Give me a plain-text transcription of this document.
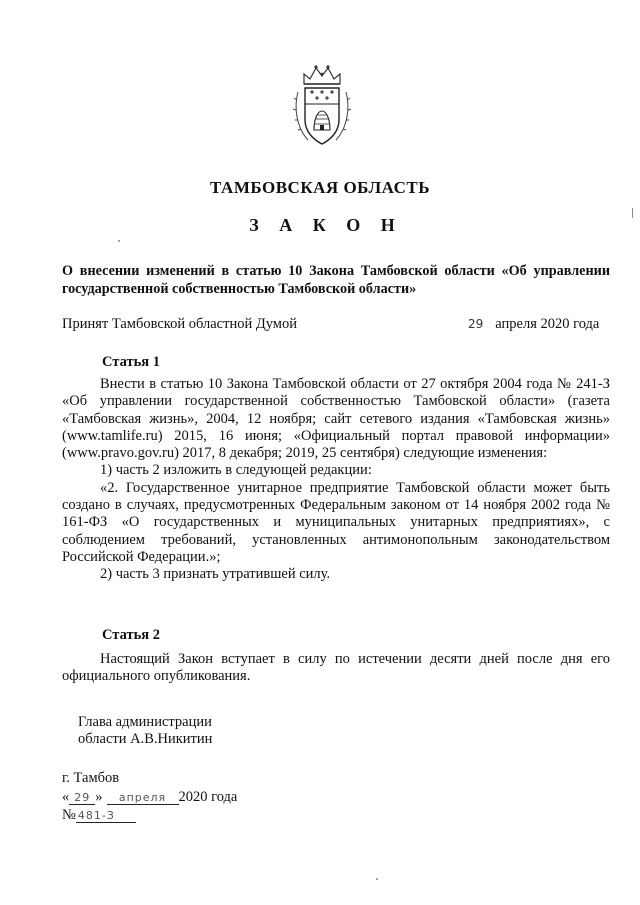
ТАМБОВСКАЯ ОБЛАСТЬ
З А К О Н
О внесении изменений в статью 10 Закона Тамбовской области «Об управлении государственной собственностью Тамбовской области»
Принят Тамбовской областной Думой	29 апреля 2020 года
Статья 1

Внести в статью 10 Закона Тамбовской области от 27 октября 2004 года № 241-З «Об управлении государственной собственностью Тамбовской области» (газета «Тамбовская жизнь», 2004, 12 ноября; сайт сетевого издания «Тамбовская жизнь» (www.tamlife.ru) 2015, 16 июня; «Официальный портал правовой информации» (www.pravo.gov.ru) 2017, 8 декабря; 2019, 25 сентября) следующие изменения:

1) часть 2 изложить в следующей редакции:

«2. Государственное унитарное предприятие Тамбовской области может быть создано в случаях, предусмотренных Федеральным законом от 14 ноября 2002 года № 161-ФЗ «О государственных и муниципальных унитарных предприятиях», с соблюдением требований, установленных антимонопольным законодательством Российской Федерации.»;

2) часть 3 признать утратившей силу.

Статья 2

Настоящий Закон вступает в силу по истечении десяти дней после дня его официального опубликования.

Глава администрации
области А.В.Никитин
г. Тамбов
« 29 » апреля 2020 года
№ 481-З
